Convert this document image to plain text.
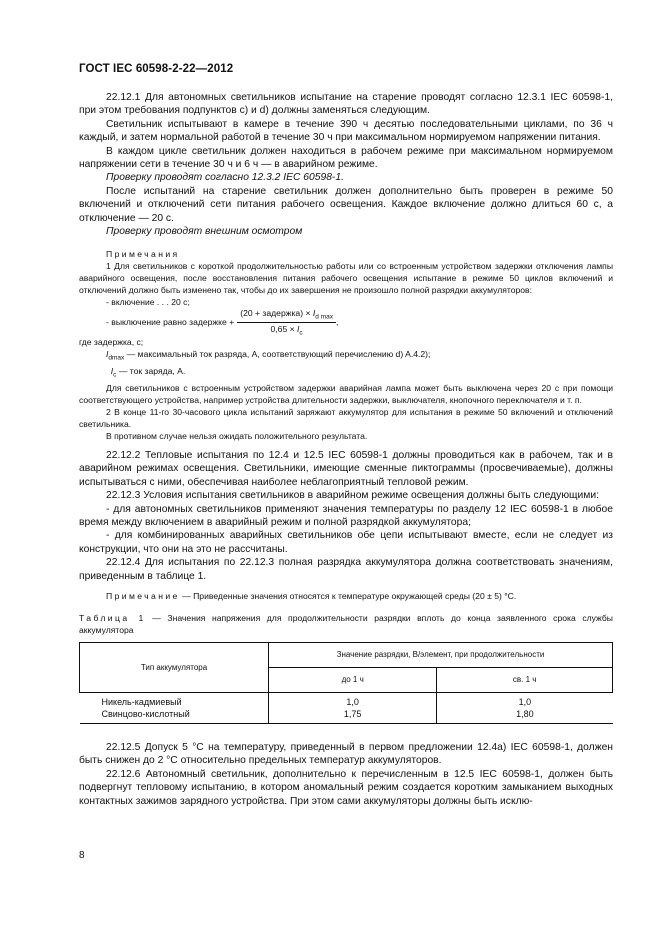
ГОСТ IEC 60598-2-22—2012

22.12.1 Для автономных светильников испытание на старение проводят согласно 12.3.1 IEC 60598-1, при этом требования подпунктов c) и d) должны заменяться следующим.

Светильник испытывают в камере в течение 390 ч десятью последовательными циклами, по 36 ч каждый, и затем нормальной работой в течение 30 ч при максимальном нормируемом напряжении питания.

В каждом цикле светильник должен находиться в рабочем режиме при максимальном нормируемом напряжении сети в течение 30 ч и 6 ч — в аварийном режиме.

Проверку проводят согласно 12.3.2 IEC 60598-1.

После испытаний на старение светильник должен дополнительно быть проверен в режиме 50 включений и отключений сети питания рабочего освещения. Каждое включение должно длиться 60 с, а отключение — 20 с.

Проверку проводят внешним осмотром

Примечания

1 Для светильников с короткой продолжительностью работы или со встроенным устройством задержки отключения лампы аварийного освещения, после восстановления питания рабочего освещения испытание в режиме 50 циклов включений и отключений должно быть изменено так, чтобы до их завершения не произошло полной разрядки аккумуляторов:

- включение . . . 20 с;

- выключение равно задержке + $\frac{(20 + задержка) \times I_{d max}}{0,65 \times I_c}$ ,

где задержка, с;

$I_{dmax}$ — максимальный ток разряда, А, соответствующий перечислению d) A.4.2);

$I_c$ — ток заряда, А.

Для светильников с встроенным устройством задержки аварийная лампа может быть выключена через 20 с при помощи соответствующего устройства, например устройства длительности задержки, выключателя, кнопочного переключателя и т. п.

2 В конце 11-го 30-часового цикла испытаний заряжают аккумулятор для испытания в режиме 50 включений и отключений светильника.

В противном случае нельзя ожидать положительного результата.

22.12.2 Тепловые испытания по 12.4 и 12.5 IEC 60598-1 должны проводиться как в рабочем, так и в аварийном режимах освещения. Светильники, имеющие сменные пиктограммы (просвечиваемые), должны испытываться с ними, обеспечивая наиболее неблагоприятный тепловой режим.

22.12.3 Условия испытания светильников в аварийном режиме освещения должны быть следующими:

- для автономных светильников применяют значения температуры по разделу 12 IEC 60598-1 в любое время между включением в аварийный режим и полной разрядкой аккумулятора;

- для комбинированных аварийных светильников обе цепи испытывают вместе, если не следует из конструкции, что они на это не рассчитаны.

22.12.4 Для испытания по 22.12.3 полная разрядка аккумулятора должна соответствовать значениям, приведенным в таблице 1.

Примечание — Приведенные значения относятся к температуре окружающей среды (20 ± 5) °С.

Таблица 1 — Значения напряжения для продолжительности разрядки вплоть до конца заявленного срока службы аккумулятора

Тип аккумулятора	Значение разрядки, В/элемент, при продолжительности	
	до 1 ч	св. 1 ч
Никель-кадмиевый	1,0	1,0
Свинцово-кислотный	1,75	1,80

22.12.5 Допуск 5 °С на температуру, приведенный в первом предложении 12.4а) IEC 60598-1, должен быть снижен до 2 °С относительно предельных температур аккумуляторов.

22.12.6 Автономный светильник, дополнительно к перечисленным в 12.5 IEC 60598-1, должен быть подвергнут тепловому испытанию, в котором аномальный режим создается коротким замыканием выходных контактных зажимов зарядного устройства. При этом сами аккумуляторы должны быть исклю-

8
